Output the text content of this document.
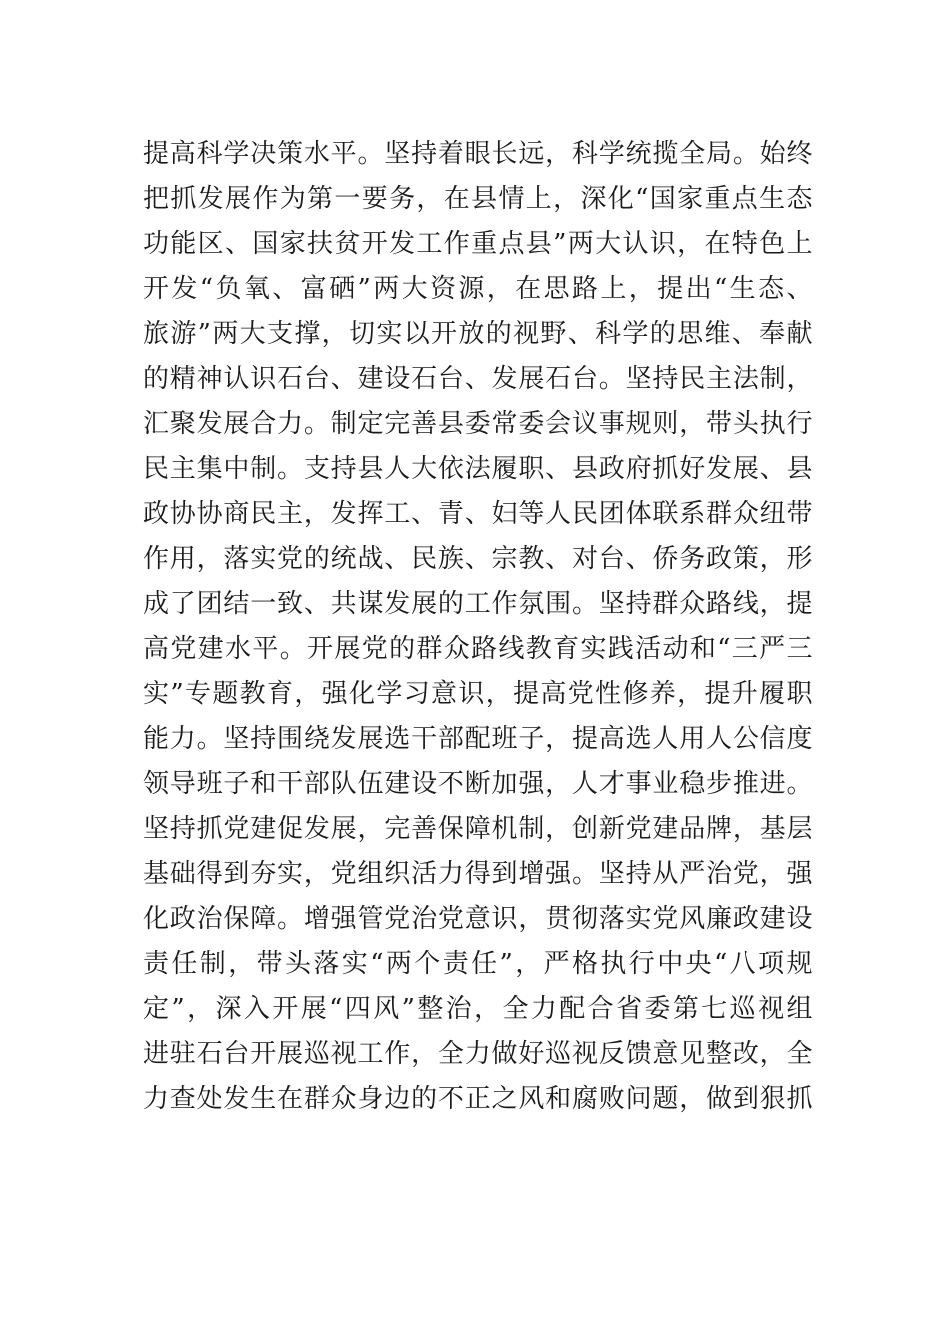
提高科学决策水平。坚持着眼长远，科学统揽全局。始终
把抓发展作为第一要务，在县情上，深化“国家重点生态
功能区、国家扶贫开发工作重点县”两大认识，在特色上
开发“负氧、富硒”两大资源，在思路上，提出“生态、
旅游”两大支撑，切实以开放的视野、科学的思维、奉献
的精神认识石台、建设石台、发展石台。坚持民主法制，
汇聚发展合力。制定完善县委常委会议事规则，带头执行
民主集中制。支持县人大依法履职、县政府抓好发展、县
政协协商民主，发挥工、青、妇等人民团体联系群众纽带
作用，落实党的统战、民族、宗教、对台、侨务政策，形
成了团结一致、共谋发展的工作氛围。坚持群众路线，提
高党建水平。开展党的群众路线教育实践活动和“三严三
实”专题教育，强化学习意识，提高党性修养，提升履职
能力。坚持围绕发展选干部配班子，提高选人用人公信度
领导班子和干部队伍建设不断加强，人才事业稳步推进。
坚持抓党建促发展，完善保障机制，创新党建品牌，基层
基础得到夯实，党组织活力得到增强。坚持从严治党，强
化政治保障。增强管党治党意识，贯彻落实党风廉政建设
责任制，带头落实“两个责任”，严格执行中央“八项规
定”，深入开展“四风”整治，全力配合省委第七巡视组
进驻石台开展巡视工作，全力做好巡视反馈意见整改，全
力查处发生在群众身边的不正之风和腐败问题，做到狠抓
